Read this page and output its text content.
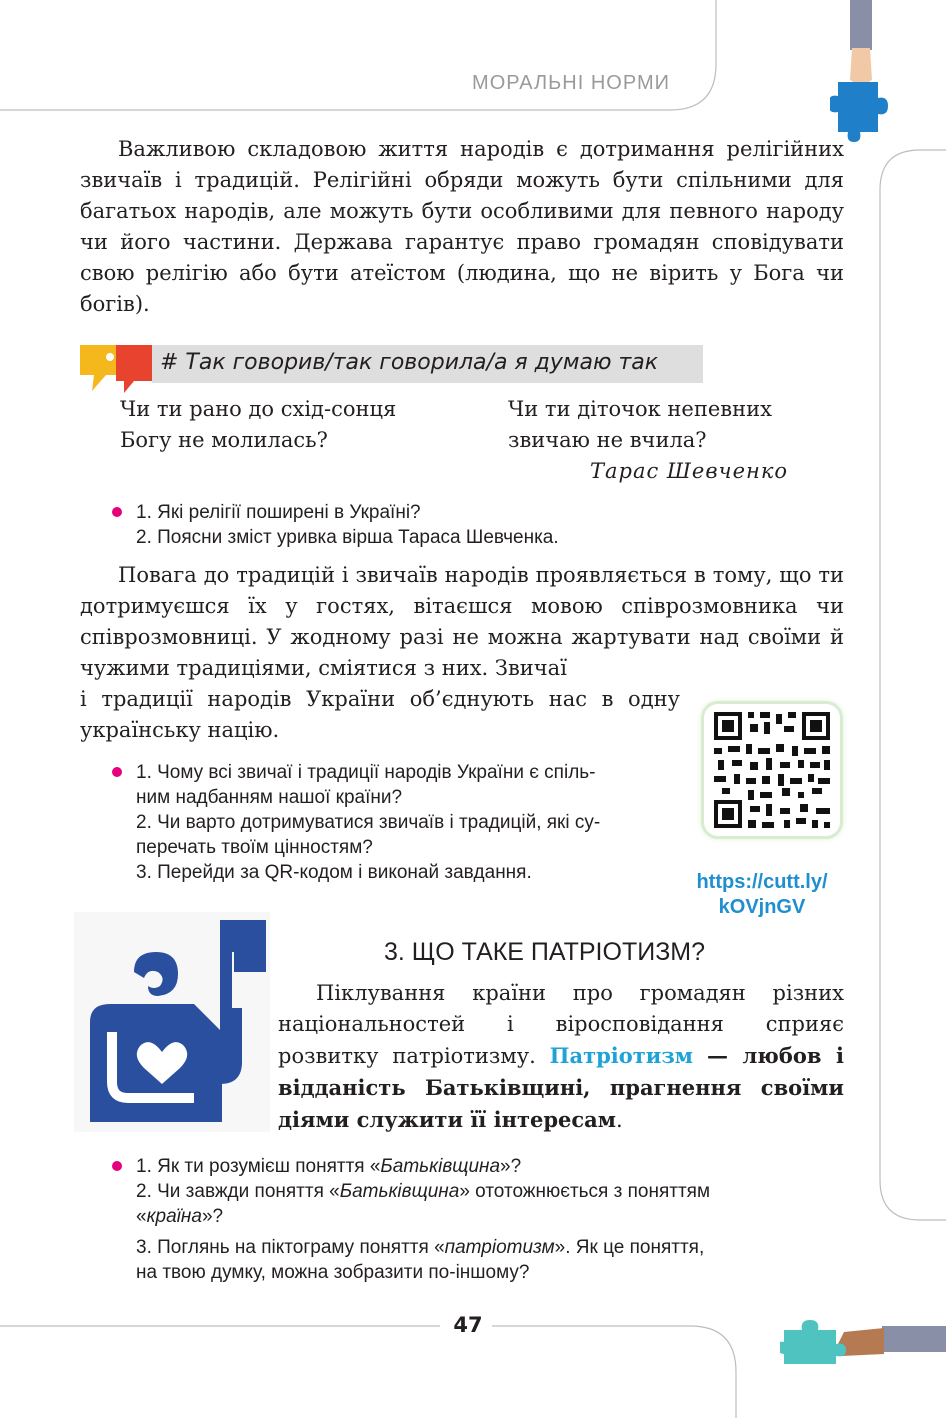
МОРАЛЬНІ НОРМИ

Важливою складовою життя народів є дотримання релігійних звичаїв і традицій. Релігійні обряди можуть бути спільними для багатьох народів, але можуть бути особливими для певного народу чи його частини. Держава гарантує право громадян сповідувати свою релігію або бути атеїстом (людина, що не вірить у Бога чи богів).

# Так говорив/так говорила/а я думаю так
Чи ти рано до схід-сонця
Богу не молилась?
Чи ти діточок непевних
звичаю не вчила?
Тарас Шевченко
1. Які релігії поширені в Україні?
2. Поясни зміст уривка вірша Тараса Шевченка.

Повага до традицій і звичаїв народів проявляється в тому, що ти дотримуєшся їх у гостях, вітаєшся мовою співрозмовника чи співрозмовниці. У жодному разі не можна жартувати над своїми й чужими традиціями, сміятися з них. Звичаї

і традиції народів України об’єднують нас в одну українську націю.

1. Чому всі звичаї і традиції народів України є спіль-
ним надбанням нашої країни?
2. Чи варто дотримуватися звичаїв і традицій, які су-
перечать твоїм цінностям?
3. Перейди за QR-кодом і виконай завдання.	https://cutt.ly/
kOVjnGV
3. ЩО ТАКЕ ПАТРІОТИЗМ?

Піклування країни про громадян різних національностей і віросповідання сприяє розвитку патріотизму. Патріотизм — любов і відданість Батьківщині, прагнення своїми діями служити її інтересам.

1. Як ти розумієш поняття «Батьківщина»?
2. Чи завжди поняття «Батьківщина» ототожнюється з поняттям
«країна»?
3. Поглянь на піктограму поняття «патріотизм». Як це поняття,
на твою думку, можна зобразити по-іншому?
47
